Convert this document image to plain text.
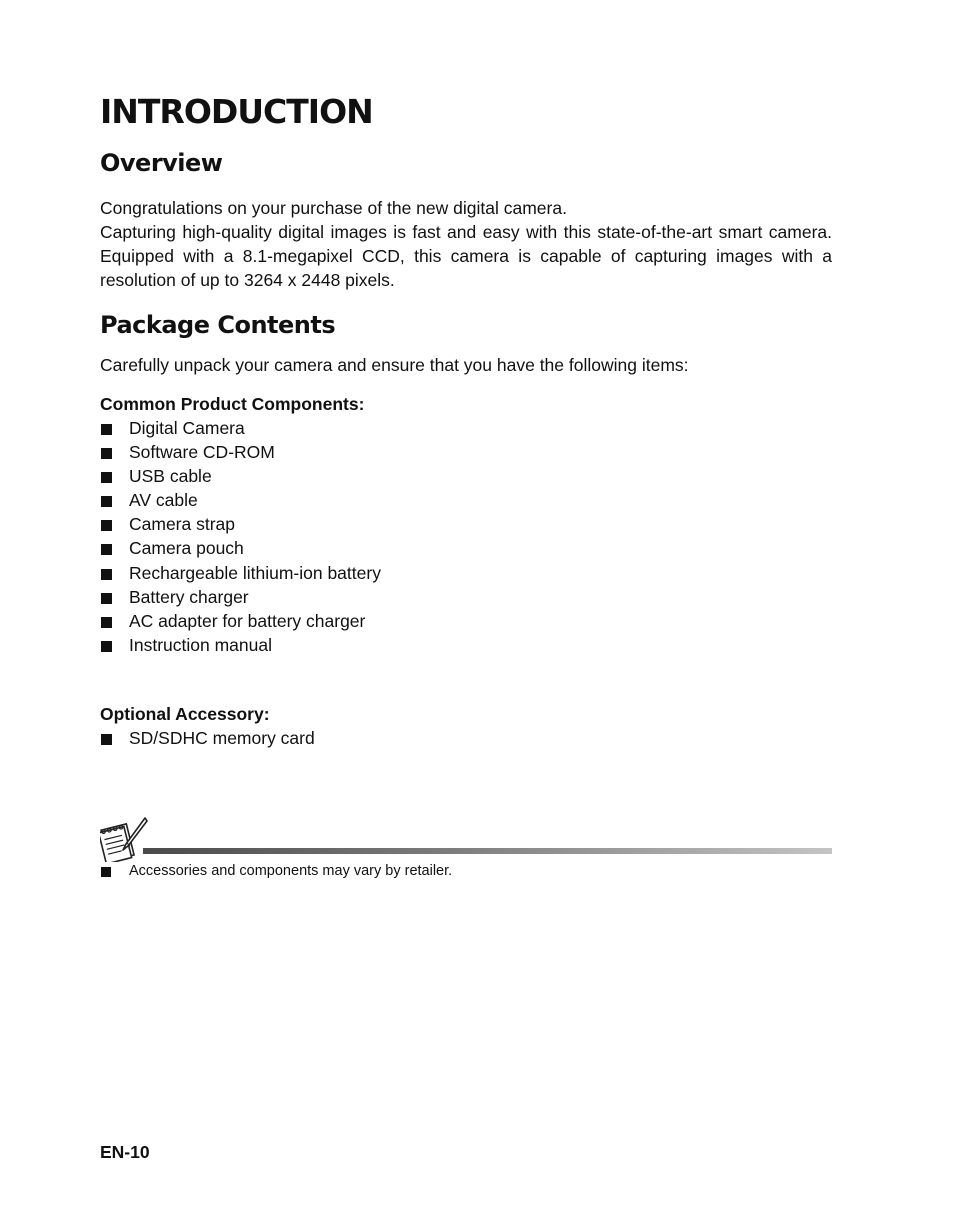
INTRODUCTION
Overview

Congratulations on your purchase of the new digital camera.

Capturing high-quality digital images is fast and easy with this state-of-the-art smart camera. Equipped with a 8.1-megapixel CCD, this camera is capable of capturing images with a resolution of up to 3264 x 2448 pixels.

Package Contents

Carefully unpack your camera and ensure that you have the following items:

Common Product Components:

Digital Camera
Software CD-ROM
USB cable
AV cable
Camera strap
Camera pouch
Rechargeable lithium-ion battery
Battery charger
AC adapter for battery charger
Instruction manual

Optional Accessory:

SD/SDHC memory card
Accessories and components may vary by retailer.

EN-10
